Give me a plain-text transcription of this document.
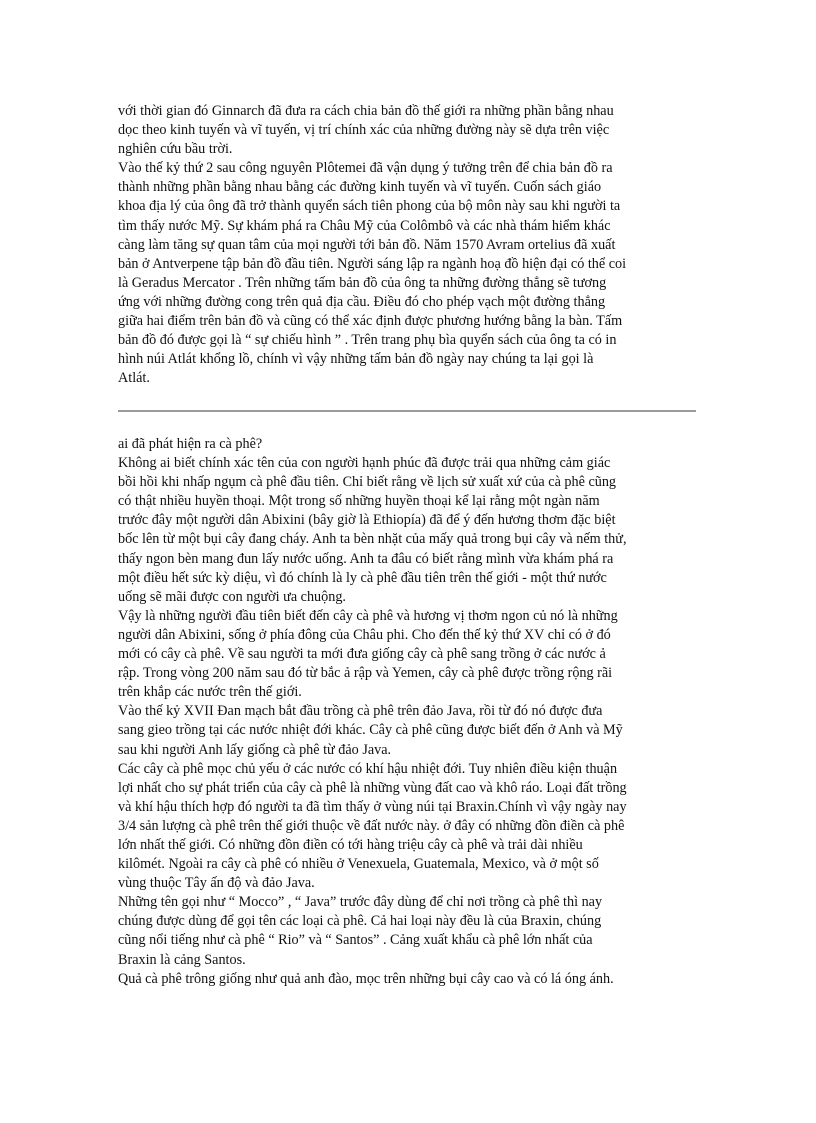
với thời gian đó Ginnarch đã đưa ra cách chia bản đồ thế giới ra những phần bằng nhau
dọc theo kinh tuyến và vĩ tuyến, vị trí chính xác của những đường này sẽ dựa trên việc
nghiên cứu bầu trời.
Vào thế kỷ thứ 2 sau công nguyên Plôtemei đã vận dụng ý tưởng trên để chia bản đồ ra
thành những phần bằng nhau bằng các đường kinh tuyến và vĩ tuyến. Cuốn sách giáo
khoa địa lý của ông đã trở thành quyển sách tiên phong của bộ môn này sau khi người ta
tìm thấy nước Mỹ. Sự khám phá ra Châu Mỹ của Colômbô và các nhà thám hiểm khác
càng làm tăng sự quan tâm của mọi người tới bản đồ. Năm 1570 Avram ortelius đã xuất
bản ở Antverpene tập bản đồ đầu tiên. Người sáng lập ra ngành hoạ đồ hiện đại có thể coi
là Geradus Mercator . Trên những tấm bản đồ của ông ta những đường thẳng sẽ tương
ứng với những đường cong trên quả địa cầu. Điều đó cho phép vạch một đường thẳng
giữa hai điểm trên bản đồ và cũng có thể xác định được phương hướng bằng la bàn. Tấm
bản đồ đó được gọi là “ sự chiếu hình ” . Trên trang phụ bìa quyển sách của ông ta có in
hình núi Atlát khổng lồ, chính vì vậy những tấm bản đồ ngày nay chúng ta lại gọi là
Atlát.
ai đã phát hiện ra cà phê?
Không ai biết chính xác tên của con người hạnh phúc đã được trải qua những cảm giác
bồi hồi khi nhấp ngụm cà phê đầu tiên. Chỉ biết rằng về lịch sử xuất xứ của cà phê cũng
có thật nhiều huyền thoại. Một trong số những huyền thoại kể lại rằng một ngàn năm
trước đây một người dân Abixini (bây giờ là Ethiopía) đã để ý đến hương thơm đặc biệt
bốc lên từ một bụi cây đang cháy. Anh ta bèn nhặt của mấy quả trong bụi cây và nếm thử,
thấy ngon bèn mang đun lấy nước uống. Anh ta đâu có biết rằng mình vừa khám phá ra
một điều hết sức kỳ diệu, vì đó chính là ly cà phê đầu tiên trên thế giới - một thứ nước
uống sẽ mãi được con người ưa chuộng.
Vậy là những người đầu tiên biết đến cây cà phê và hương vị thơm ngon củ nó là những
người dân Abixini, sống ở phía đông của Châu phi. Cho đến thế kỷ thứ XV chỉ có ở đó
mới có cây cà phê. Về sau người ta mới đưa giống cây cà phê sang trồng ở các nước ả
rập. Trong vòng 200 năm sau đó từ bắc ả rập và Yemen, cây cà phê được trồng rộng rãi
trên khắp các nước trên thế giới.
Vào thế kỷ XVII Đan mạch bắt đầu trồng cà phê trên đảo Java, rồi từ đó nó được đưa
sang gieo trồng tại các nước nhiệt đới khác. Cây cà phê cũng được biết đến ở Anh và Mỹ
sau khi người Anh lấy giống cà phê từ đảo Java.
Các cây cà phê mọc chủ yếu ở các nước có khí hậu nhiệt đới. Tuy nhiên điều kiện thuận
lợi nhất cho sự phát triển của cây cà phê là những vùng đất cao và khô ráo. Loại đất trồng
và khí hậu thích hợp đó người ta đã tìm thấy ở vùng núi tại Braxin.Chính vì vậy ngày nay
3/4 sản lượng cà phê trên thế giới thuộc về đất nước này. ở đây có những đồn điền cà phê
lớn nhất thế giới. Có những đồn điền có tới hàng triệu cây cà phê và trải dài nhiều
kilômét. Ngoài ra cây cà phê có nhiều ở Venexuela, Guatemala, Mexico, và ở một số
vùng thuộc Tây ấn độ và đảo Java.
Những tên gọi như “ Mocco” , “ Java” trước đây dùng để chỉ nơi trồng cà phê thì nay
chúng được dùng để gọi tên các loại cà phê. Cả hai loại này đều là của Braxin, chúng
cũng nổi tiếng như cà phê “ Rio” và “ Santos” . Cảng xuất khẩu cà phê lớn nhất của
Braxin là cảng Santos.
Quả cà phê trông giống như quả anh đào, mọc trên những bụi cây cao và có lá óng ánh.
